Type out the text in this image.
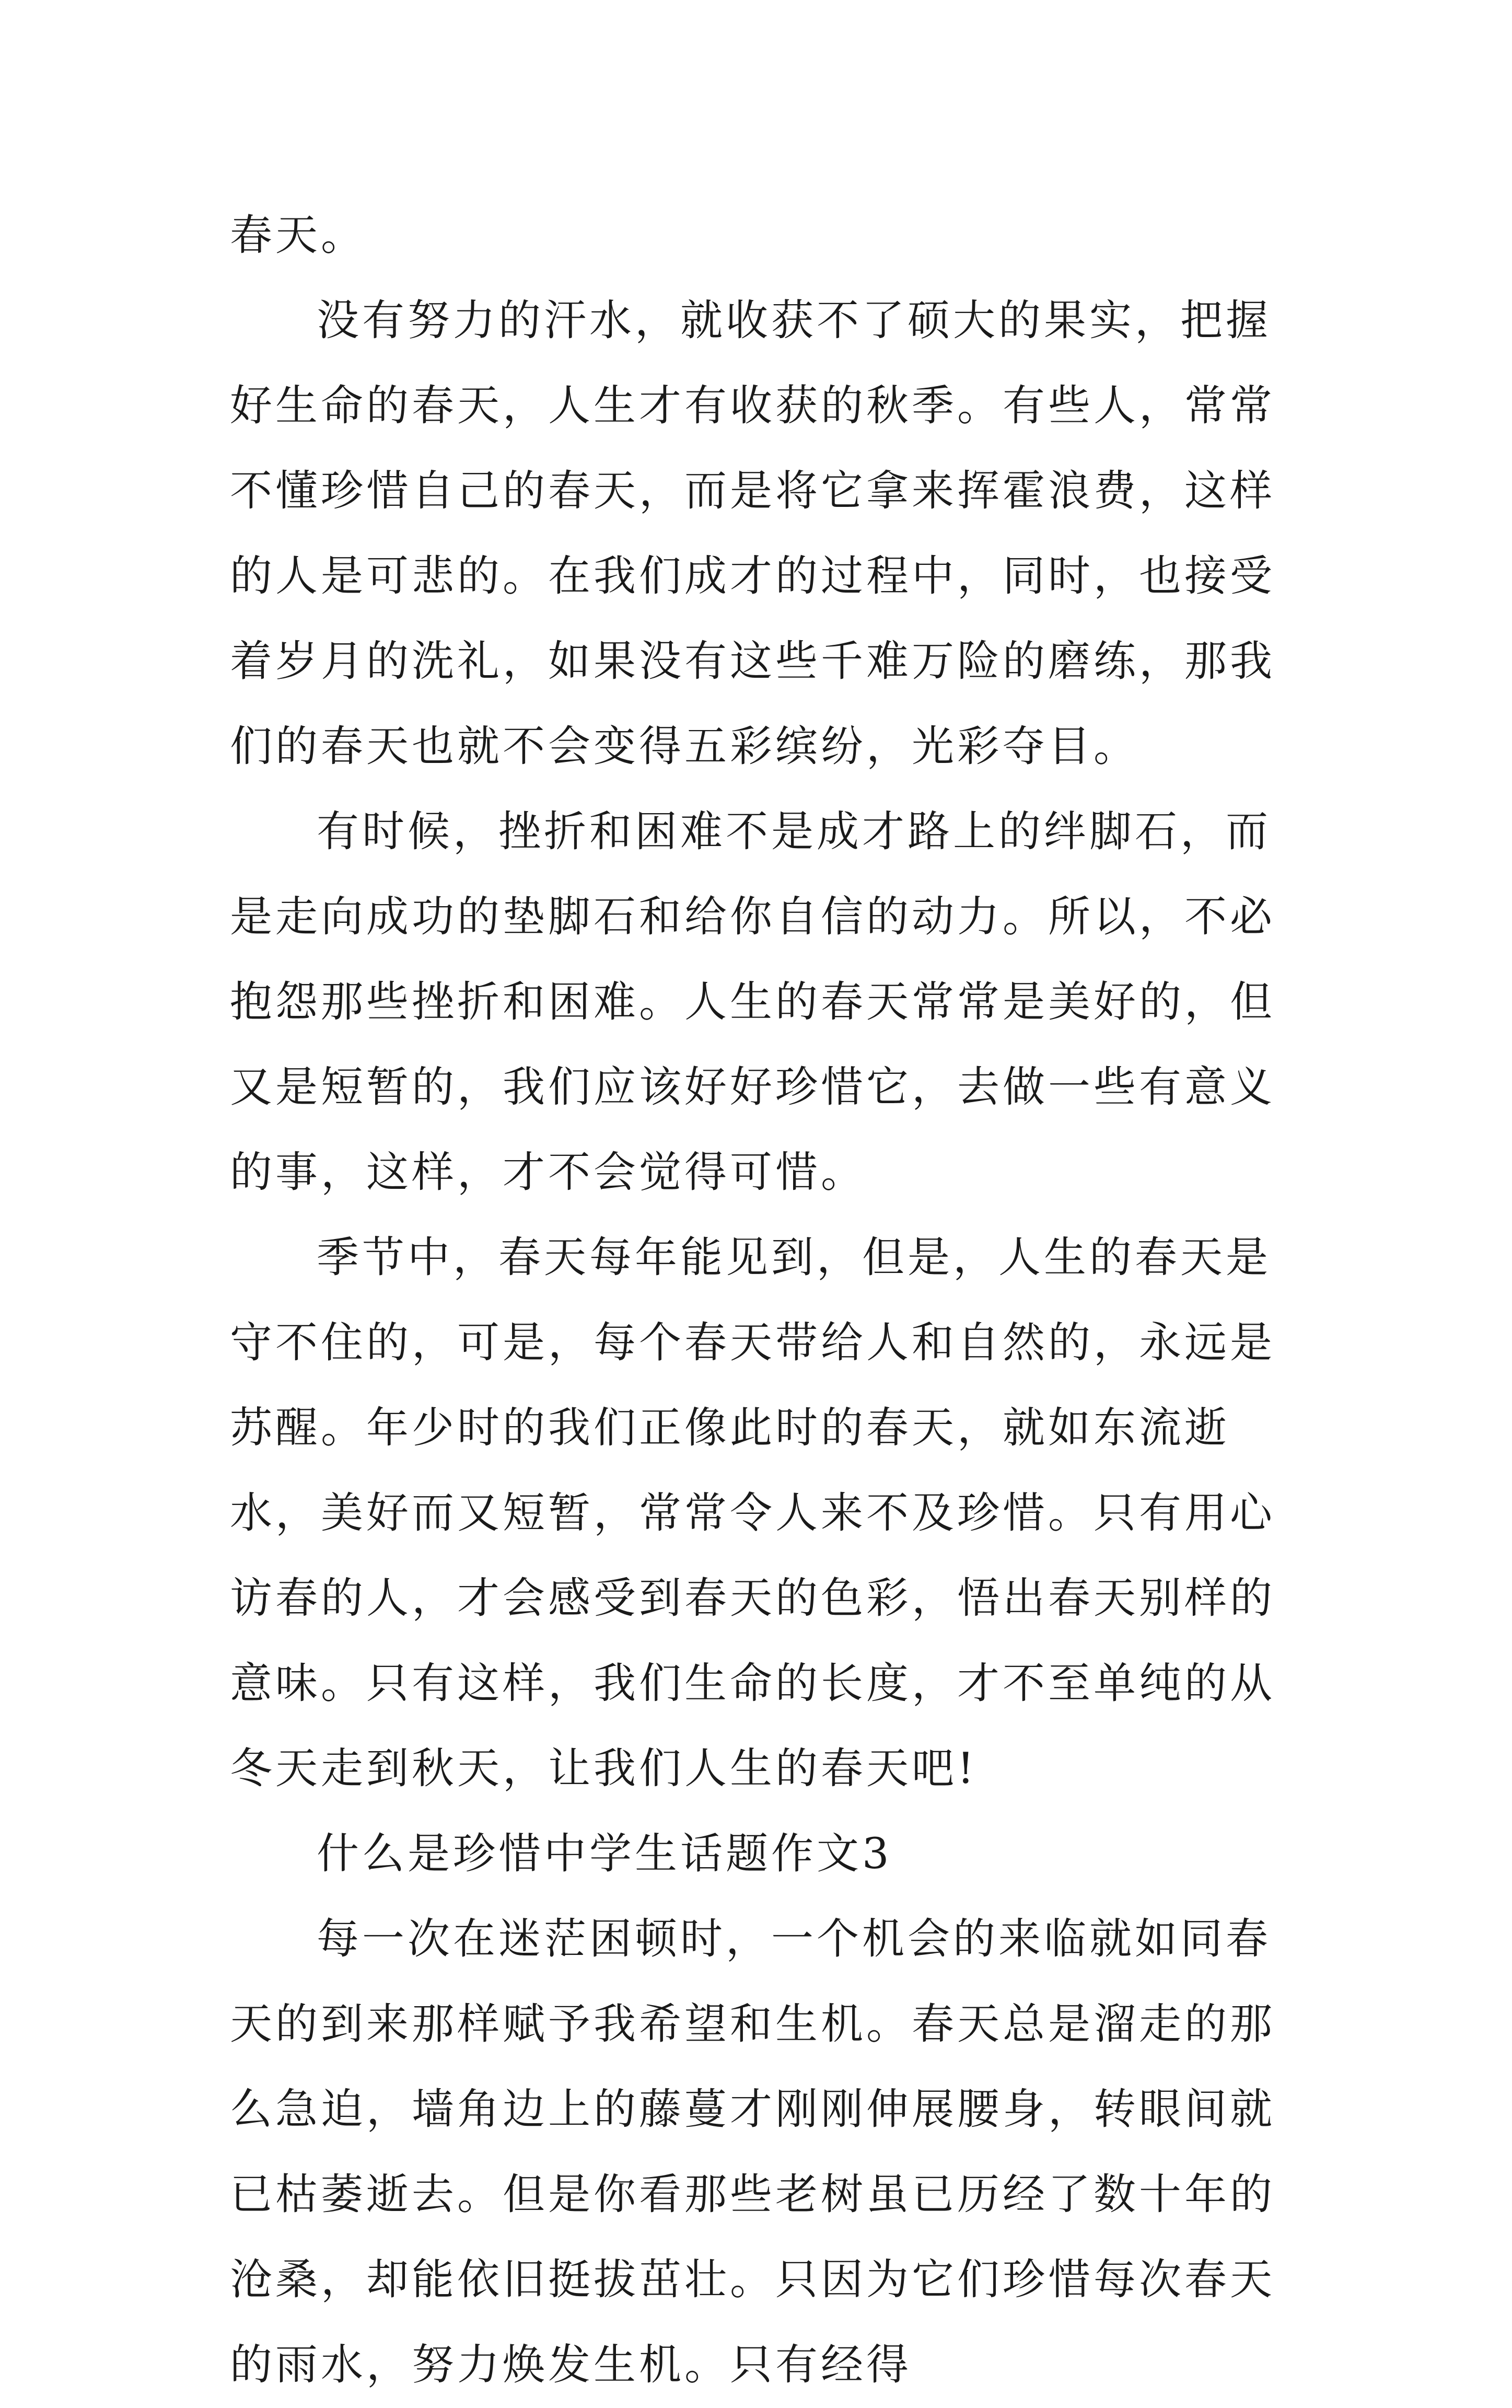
春天。

没有努力的汗水，就收获不了硕大的果实，把握好生命的春天，人生才有收获的秋季。有些人，常常不懂珍惜自己的春天，而是将它拿来挥霍浪费，这样的人是可悲的。在我们成才的过程中，同时，也接受着岁月的洗礼，如果没有这些千难万险的磨练，那我们的春天也就不会变得五彩缤纷，光彩夺目。

有时候，挫折和困难不是成才路上的绊脚石，而是走向成功的垫脚石和给你自信的动力。所以，不必抱怨那些挫折和困难。人生的春天常常是美好的，但又是短暂的，我们应该好好珍惜它，去做一些有意义的事，这样，才不会觉得可惜。

季节中，春天每年能见到，但是，人生的春天是守不住的，可是，每个春天带给人和自然的，永远是苏醒。年少时的我们正像此时的春天，就如东流逝水，美好而又短暂，常常令人来不及珍惜。只有用心访春的人，才会感受到春天的色彩，悟出春天别样的意味。只有这样，我们生命的长度，才不至单纯的从冬天走到秋天，让我们人生的春天吧!

什么是珍惜中学生话题作文3

每一次在迷茫困顿时，一个机会的来临就如同春天的到来那样赋予我希望和生机。春天总是溜走的那么急迫，墙角边上的藤蔓才刚刚伸展腰身，转眼间就已枯萎逝去。但是你看那些老树虽已历经了数十年的沧桑，却能依旧挺拔茁壮。只因为它们珍惜每次春天的雨水，努力焕发生机。只有经得
